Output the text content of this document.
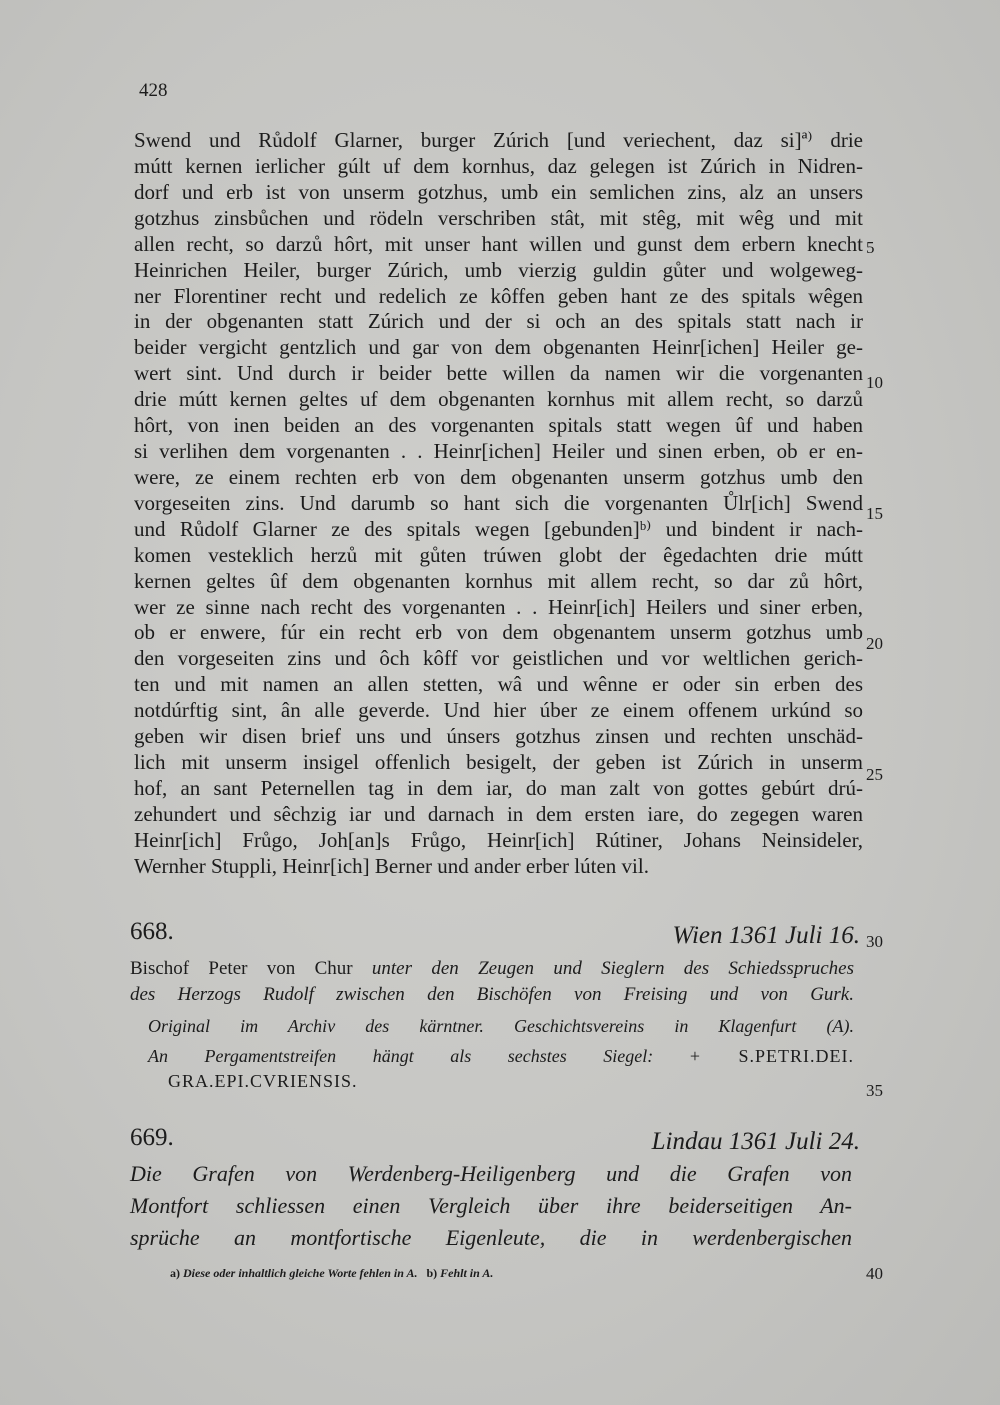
428
Swend und Růdolf Glarner, burger Zúrich [und veriechent, daz si]ª⁾ drie
mútt kernen ierlicher gúlt uf dem kornhus, daz gelegen ist Zúrich in Nidren-
dorf und erb ist von unserm gotzhus, umb ein semlichen zins, alz an unsers
gotzhus zinsbůchen und rödeln verschriben stât, mit stêg, mit wêg und mit
allen recht, so darzů hôrt, mit unser hant willen und gunst dem erbern knecht
Heinrichen Heiler, burger Zúrich, umb vierzig guldin gůter und wolgeweg-
ner Florentiner recht und redelich ze kôffen geben hant ze des spitals wêgen
in der obgenanten statt Zúrich und der si och an des spitals statt nach ir
beider vergicht gentzlich und gar von dem obgenanten Heinr[ichen] Heiler ge-
wert sint. Und durch ir beider bette willen da namen wir die vorgenanten
drie mútt kernen geltes uf dem obgenanten kornhus mit allem recht, so darzů
hôrt, von inen beiden an des vorgenanten spitals statt wegen ûf und haben
si verlihen dem vorgenanten . . Heinr[ichen] Heiler und sinen erben, ob er en-
were, ze einem rechten erb von dem obgenanten unserm gotzhus umb den
vorgeseiten zins. Und darumb so hant sich die vorgenanten Ůlr[ich] Swend
und Růdolf Glarner ze des spitals wegen [gebunden]ᵇ⁾ und bindent ir nach-
komen vesteklich herzů mit gůten trúwen globt der êgedachten drie mútt
kernen geltes ûf dem obgenanten kornhus mit allem recht, so dar zů hôrt,
wer ze sinne nach recht des vorgenanten . . Heinr[ich] Heilers und siner erben,
ob er enwere, fúr ein recht erb von dem obgenantem unserm gotzhus umb
den vorgeseiten zins und ôch kôff vor geistlichen und vor weltlichen gerich-
ten und mit namen an allen stetten, wâ und wênne er oder sin erben des
notdúrftig sint, ân alle geverde. Und hier úber ze einem offenem urkúnd so
geben wir disen brief uns und únsers gotzhus zinsen und rechten unschäd-
lich mit unserm insigel offenlich besigelt, der geben ist Zúrich in unserm
hof, an sant Peternellen tag in dem iar, do man zalt von gottes gebúrt drú-
zehundert und sêchzig iar und darnach in dem ersten iare, do zegegen waren
Heinr[ich] Frůgo, Joh[an]s Frůgo, Heinr[ich] Rútiner, Johans Neinsideler,
Wernher Stuppli, Heinr[ich] Berner und ander erber lúten vil.
5
10
15
20
25
30
35
40
668.	Wien 1361 Juli 16.
Bischof Peter von Chur unter den Zeugen und Sieglern des Schiedsspruches
des Herzogs Rudolf zwischen den Bischöfen von Freising und von Gurk.
Original im Archiv des kärntner. Geschichtsvereins in Klagenfurt (A).
An Pergamentstreifen hängt als sechstes Siegel: + S.PETRI.DEI.
GRA.EPI.CVRIENSIS.
669.	Lindau 1361 Juli 24.
Die Grafen von Werdenberg-Heiligenberg und die Grafen von
Montfort schliessen einen Vergleich über ihre beiderseitigen An-
sprüche an montfortische Eigenleute, die in werdenbergischen
a) Diese oder inhaltlich gleiche Worte fehlen in A. b) Fehlt in A.
